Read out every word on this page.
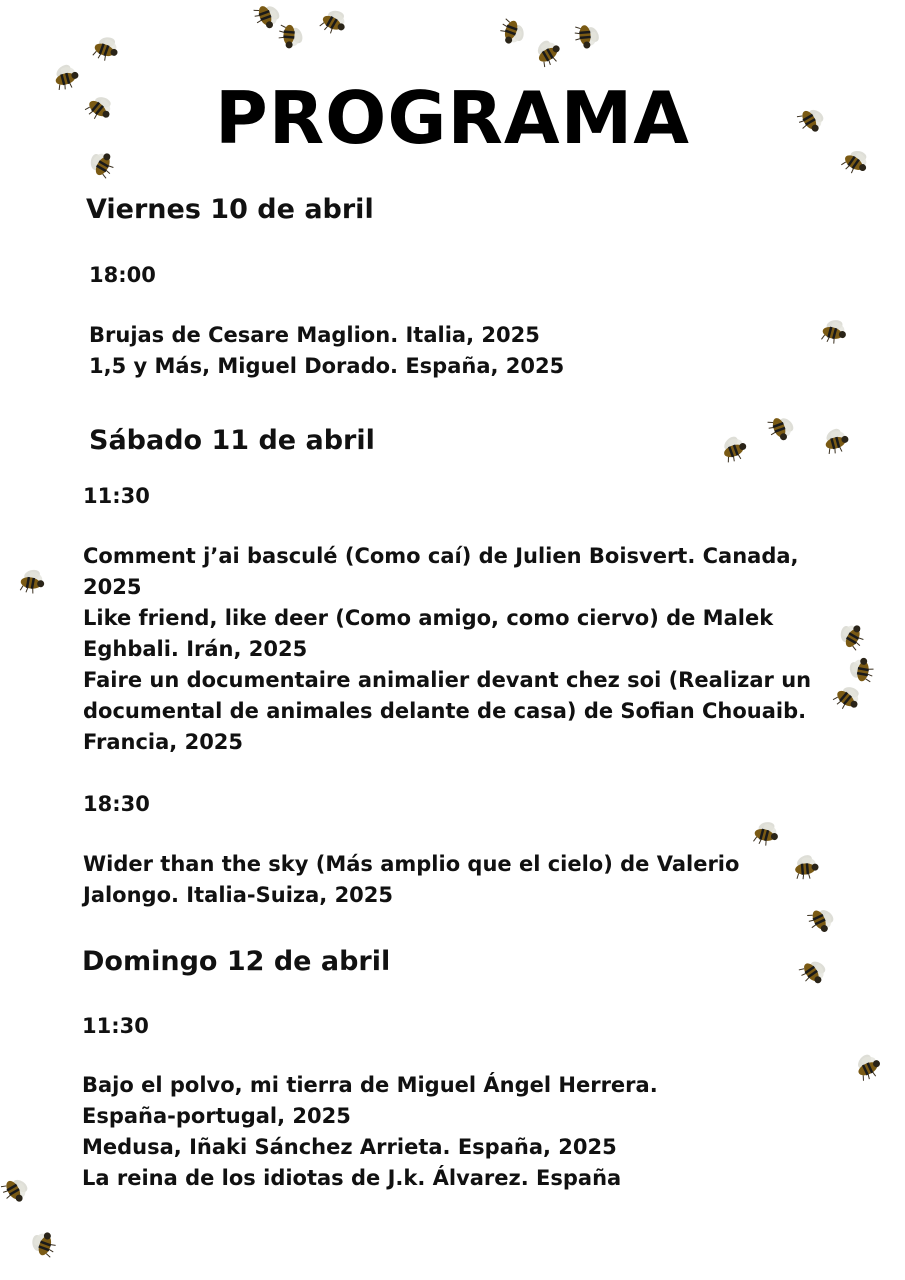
PROGRAMA
Viernes 10 de abril
18:00
Brujas de Cesare Maglion. Italia, 2025
1,5 y Más, Miguel Dorado. España, 2025
Sábado 11 de abril
11:30
Comment j’ai basculé (Como caí) de Julien Boisvert. Canada,
2025
Like friend, like deer (Como amigo, como ciervo) de Malek
Eghbali. Irán, 2025
Faire un documentaire animalier devant chez soi (Realizar un
documental de animales delante de casa) de Sofian Chouaib.
Francia, 2025
18:30
Wider than the sky (Más amplio que el cielo) de Valerio
Jalongo. Italia-Suiza, 2025
Domingo 12 de abril
11:30
Bajo el polvo, mi tierra de Miguel Ángel Herrera.
España-portugal, 2025
Medusa, Iñaki Sánchez Arrieta. España, 2025
La reina de los idiotas de J.k. Álvarez. España
